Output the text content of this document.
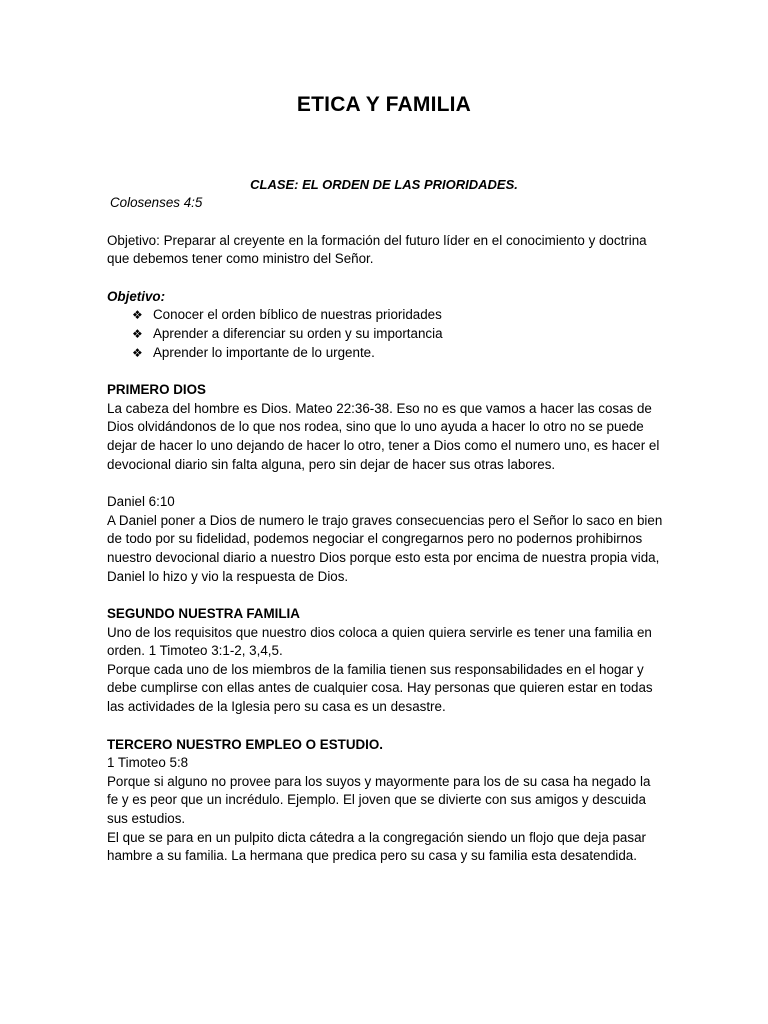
ETICA Y FAMILIA
CLASE: EL ORDEN DE LAS PRIORIDADES.

Colosenses 4:5

Objetivo: Preparar al creyente en la formación del futuro líder en el conocimiento y doctrina que debemos tener como ministro del Señor.

Objetivo:

❖ Conocer el orden bíblico de nuestras prioridades
❖ Aprender a diferenciar su orden y su importancia
❖ Aprender lo importante de lo urgente.

PRIMERO DIOS

La cabeza del hombre es Dios. Mateo 22:36-38. Eso no es que vamos a hacer las cosas de Dios olvidándonos de lo que nos rodea, sino que lo uno ayuda a hacer lo otro no se puede dejar de hacer lo uno dejando de hacer lo otro, tener a Dios como el numero uno, es hacer el devocional diario sin falta alguna, pero sin dejar de hacer sus otras labores.

Daniel 6:10

A Daniel poner a Dios de numero le trajo graves consecuencias pero el Señor lo saco en bien de todo por su fidelidad, podemos negociar el congregarnos pero no podernos prohibirnos nuestro devocional diario a nuestro Dios porque esto esta por encima de nuestra propia vida, Daniel lo hizo y vio la respuesta de Dios.

SEGUNDO NUESTRA FAMILIA

Uno de los requisitos que nuestro dios coloca a quien quiera servirle es tener una familia en orden. 1 Timoteo 3:1-2, 3,4,5.

Porque cada uno de los miembros de la familia tienen sus responsabilidades en el hogar y debe cumplirse con ellas antes de cualquier cosa. Hay personas que quieren estar en todas las actividades de la Iglesia pero su casa es un desastre.

TERCERO NUESTRO EMPLEO O ESTUDIO.

1 Timoteo 5:8

Porque si alguno no provee para los suyos y mayormente para los de su casa ha negado la fe y es peor que un incrédulo. Ejemplo. El joven que se divierte con sus amigos y descuida sus estudios.

El que se para en un pulpito dicta cátedra a la congregación siendo un flojo que deja pasar hambre a su familia. La hermana que predica pero su casa y su familia esta desatendida.
